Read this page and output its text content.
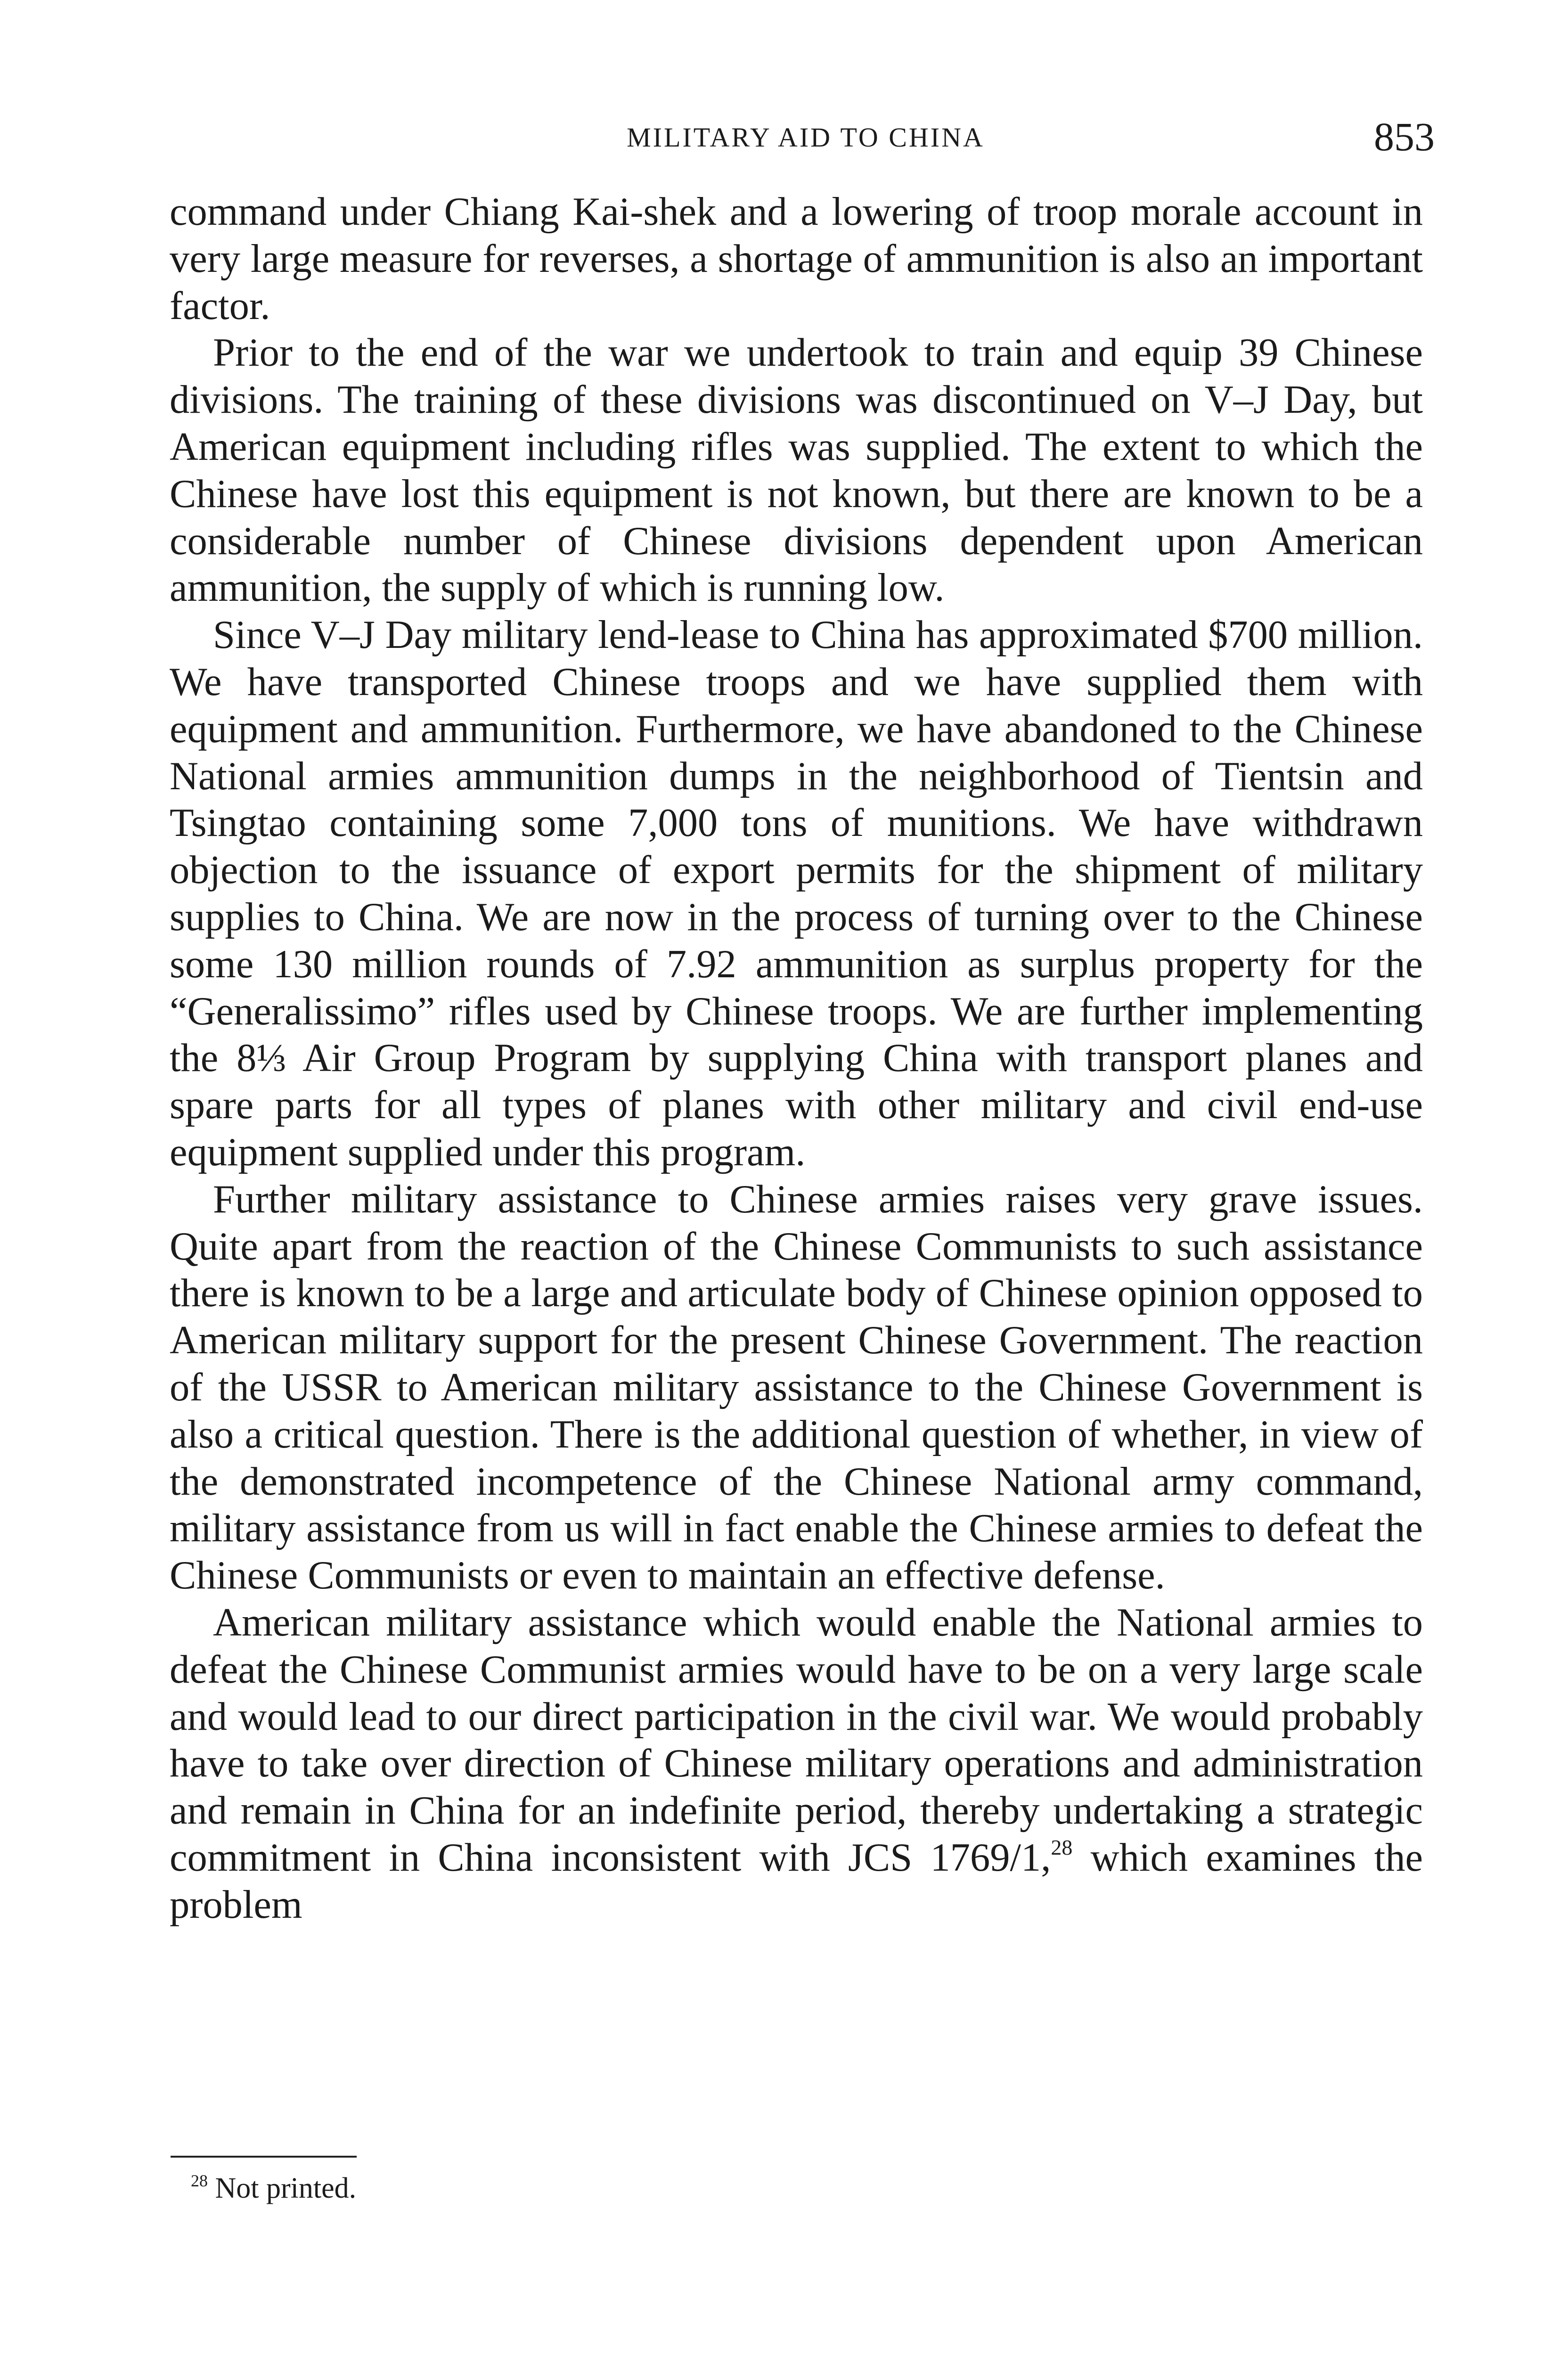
MILITARY AID TO CHINA	853

command under Chiang Kai-shek and a lowering of troop morale account in very large measure for reverses, a shortage of ammunition is also an important factor.

Prior to the end of the war we undertook to train and equip 39 Chinese divisions. The training of these divisions was discontinued on V–J Day, but American equipment including rifles was supplied. The extent to which the Chinese have lost this equipment is not known, but there are known to be a considerable number of Chinese divisions dependent upon American ammunition, the supply of which is running low.

Since V–J Day military lend-lease to China has approximated $700 million. We have transported Chinese troops and we have supplied them with equipment and ammunition. Furthermore, we have abandoned to the Chinese National armies ammunition dumps in the neighborhood of Tientsin and Tsingtao containing some 7,000 tons of munitions. We have withdrawn objection to the issuance of export permits for the shipment of military supplies to China. We are now in the process of turning over to the Chinese some 130 million rounds of 7.92 ammunition as surplus property for the “Generalissimo” rifles used by Chinese troops. We are further implementing the 8⅓ Air Group Program by supplying China with transport planes and spare parts for all types of planes with other military and civil end-use equipment supplied under this program.

Further military assistance to Chinese armies raises very grave issues. Quite apart from the reaction of the Chinese Communists to such assistance there is known to be a large and articulate body of Chinese opinion opposed to American military support for the present Chinese Government. The reaction of the USSR to American military assistance to the Chinese Government is also a critical question. There is the additional question of whether, in view of the demonstrated incompetence of the Chinese National army command, military assistance from us will in fact enable the Chinese armies to defeat the Chinese Communists or even to maintain an effective defense.

American military assistance which would enable the National armies to defeat the Chinese Communist armies would have to be on a very large scale and would lead to our direct participation in the civil war. We would probably have to take over direction of Chinese military operations and administration and remain in China for an indefinite period, thereby undertaking a strategic commitment in China inconsistent with JCS 1769/1,28 which examines the problem

$^{28}$ Not printed.
